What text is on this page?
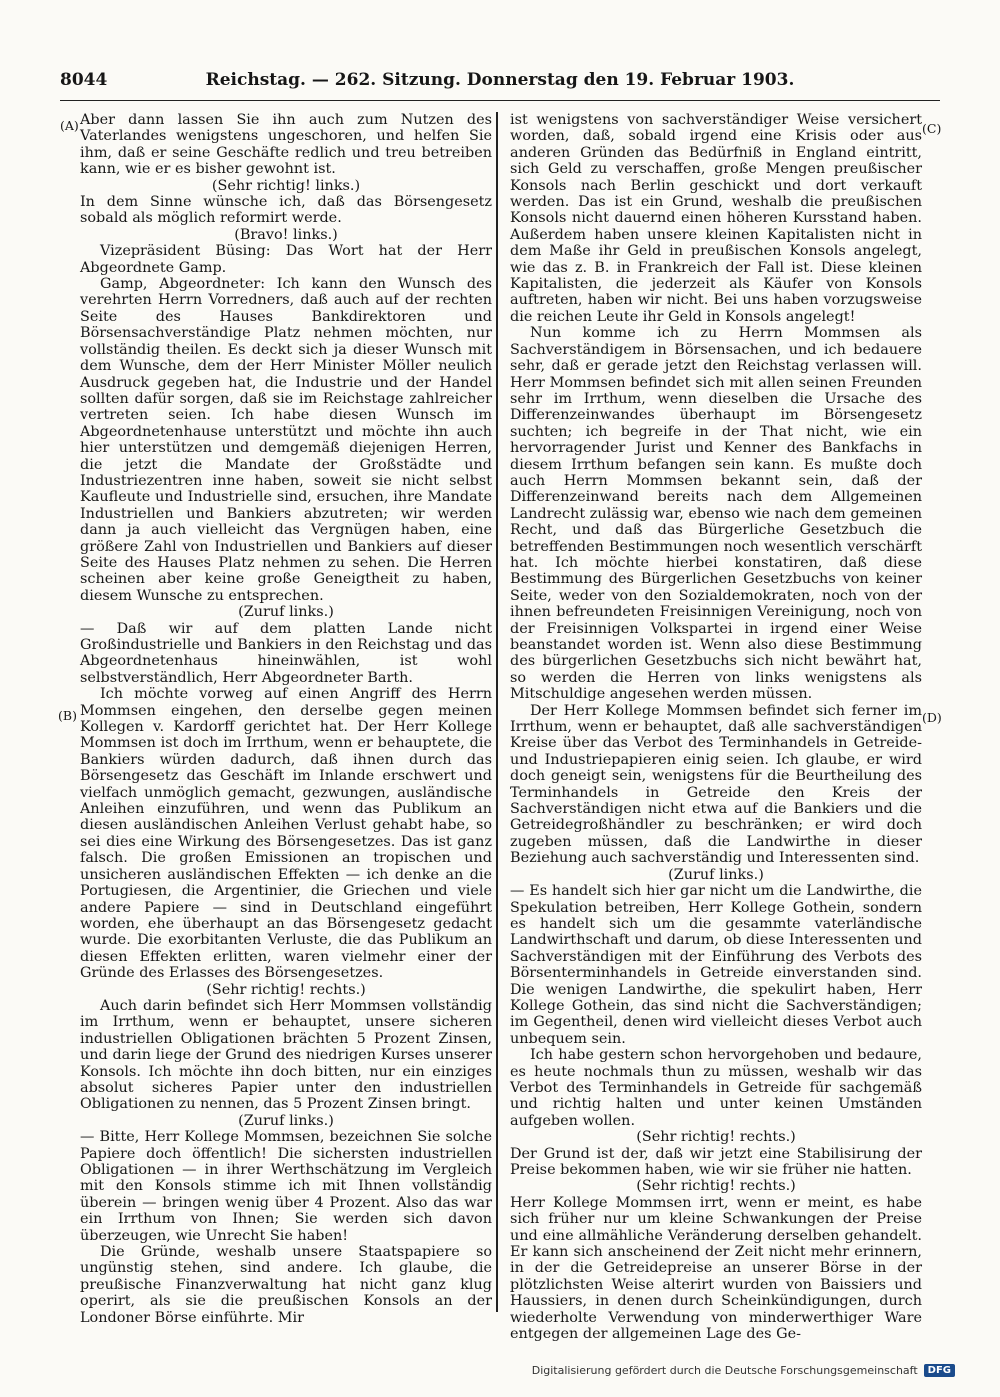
8044	Reichstag. — 262. Sitzung. Donnerstag den 19. Februar 1903.
(A)
(B)
(C)
(D)

Aber dann lassen Sie ihn auch zum Nutzen des Vaterlandes wenigstens ungeschoren, und helfen Sie ihm, daß er seine Geschäfte redlich und treu betreiben kann, wie er es bisher gewohnt ist.

(Sehr richtig! links.)

In dem Sinne wünsche ich, daß das Börsengesetz sobald als möglich reformirt werde.

(Bravo! links.)

Vizepräsident Büsing: Das Wort hat der Herr Abgeordnete Gamp.

Gamp, Abgeordneter: Ich kann den Wunsch des verehrten Herrn Vorredners, daß auch auf der rechten Seite des Hauses Bankdirektoren und Börsensachverständige Platz nehmen möchten, nur vollständig theilen. Es deckt sich ja dieser Wunsch mit dem Wunsche, dem der Herr Minister Möller neulich Ausdruck gegeben hat, die Industrie und der Handel sollten dafür sorgen, daß sie im Reichstage zahlreicher vertreten seien. Ich habe diesen Wunsch im Abgeordnetenhause unterstützt und möchte ihn auch hier unterstützen und demgemäß diejenigen Herren, die jetzt die Mandate der Großstädte und Industriezentren inne haben, soweit sie nicht selbst Kaufleute und Industrielle sind, ersuchen, ihre Mandate Industriellen und Bankiers abzutreten; wir werden dann ja auch vielleicht das Vergnügen haben, eine größere Zahl von Industriellen und Bankiers auf dieser Seite des Hauses Platz nehmen zu sehen. Die Herren scheinen aber keine große Geneigtheit zu haben, diesem Wunsche zu entsprechen.

(Zuruf links.)

— Daß wir auf dem platten Lande nicht Großindustrielle und Bankiers in den Reichstag und das Abgeordnetenhaus hineinwählen, ist wohl selbstverständlich, Herr Abgeordneter Barth.

Ich möchte vorweg auf einen Angriff des Herrn Mommsen eingehen, den derselbe gegen meinen Kollegen v. Kardorff gerichtet hat. Der Herr Kollege Mommsen ist doch im Irrthum, wenn er behauptete, die Bankiers würden dadurch, daß ihnen durch das Börsengesetz das Geschäft im Inlande erschwert und vielfach unmöglich gemacht, gezwungen, ausländische Anleihen einzuführen, und wenn das Publikum an diesen ausländischen Anleihen Verlust gehabt habe, so sei dies eine Wirkung des Börsengesetzes. Das ist ganz falsch. Die großen Emissionen an tropischen und unsicheren ausländischen Effekten — ich denke an die Portugiesen, die Argentinier, die Griechen und viele andere Papiere — sind in Deutschland eingeführt worden, ehe überhaupt an das Börsengesetz gedacht wurde. Die exorbitanten Verluste, die das Publikum an diesen Effekten erlitten, waren vielmehr einer der Gründe des Erlasses des Börsengesetzes.

(Sehr richtig! rechts.)

Auch darin befindet sich Herr Mommsen vollständig im Irrthum, wenn er behauptet, unsere sicheren industriellen Obligationen brächten 5 Prozent Zinsen, und darin liege der Grund des niedrigen Kurses unserer Konsols. Ich möchte ihn doch bitten, nur ein einziges absolut sicheres Papier unter den industriellen Obligationen zu nennen, das 5 Prozent Zinsen bringt.

(Zuruf links.)

— Bitte, Herr Kollege Mommsen, bezeichnen Sie solche Papiere doch öffentlich! Die sichersten industriellen Obligationen — in ihrer Werthschätzung im Vergleich mit den Konsols stimme ich mit Ihnen vollständig überein — bringen wenig über 4 Prozent. Also das war ein Irrthum von Ihnen; Sie werden sich davon überzeugen, wie Unrecht Sie haben!

Die Gründe, weshalb unsere Staatspapiere so ungünstig stehen, sind andere. Ich glaube, die preußische Finanzverwaltung hat nicht ganz klug operirt, als sie die preußischen Konsols an der Londoner Börse einführte. Mir

ist wenigstens von sachverständiger Weise versichert worden, daß, sobald irgend eine Krisis oder aus anderen Gründen das Bedürfniß in England eintritt, sich Geld zu verschaffen, große Mengen preußischer Konsols nach Berlin geschickt und dort verkauft werden. Das ist ein Grund, weshalb die preußischen Konsols nicht dauernd einen höheren Kursstand haben. Außerdem haben unsere kleinen Kapitalisten nicht in dem Maße ihr Geld in preußischen Konsols angelegt, wie das z. B. in Frankreich der Fall ist. Diese kleinen Kapitalisten, die jederzeit als Käufer von Konsols auftreten, haben wir nicht. Bei uns haben vorzugsweise die reichen Leute ihr Geld in Konsols angelegt!

Nun komme ich zu Herrn Mommsen als Sachverständigem in Börsensachen, und ich bedauere sehr, daß er gerade jetzt den Reichstag verlassen will. Herr Mommsen befindet sich mit allen seinen Freunden sehr im Irrthum, wenn dieselben die Ursache des Differenzeinwandes überhaupt im Börsengesetz suchten; ich begreife in der That nicht, wie ein hervorragender Jurist und Kenner des Bankfachs in diesem Irrthum befangen sein kann. Es mußte doch auch Herrn Mommsen bekannt sein, daß der Differenzeinwand bereits nach dem Allgemeinen Landrecht zulässig war, ebenso wie nach dem gemeinen Recht, und daß das Bürgerliche Gesetzbuch die betreffenden Bestimmungen noch wesentlich verschärft hat. Ich möchte hierbei konstatiren, daß diese Bestimmung des Bürgerlichen Gesetzbuchs von keiner Seite, weder von den Sozialdemokraten, noch von der ihnen befreundeten Freisinnigen Vereinigung, noch von der Freisinnigen Volkspartei in irgend einer Weise beanstandet worden ist. Wenn also diese Bestimmung des bürgerlichen Gesetzbuchs sich nicht bewährt hat, so werden die Herren von links wenigstens als Mitschuldige angesehen werden müssen.

Der Herr Kollege Mommsen befindet sich ferner im Irrthum, wenn er behauptet, daß alle sachverständigen Kreise über das Verbot des Terminhandels in Getreide- und Industriepapieren einig seien. Ich glaube, er wird doch geneigt sein, wenigstens für die Beurtheilung des Terminhandels in Getreide den Kreis der Sachverständigen nicht etwa auf die Bankiers und die Getreidegroßhändler zu beschränken; er wird doch zugeben müssen, daß die Landwirthe in dieser Beziehung auch sachverständig und Interessenten sind.

(Zuruf links.)

— Es handelt sich hier gar nicht um die Landwirthe, die Spekulation betreiben, Herr Kollege Gothein, sondern es handelt sich um die gesammte vaterländische Landwirthschaft und darum, ob diese Interessenten und Sachverständigen mit der Einführung des Verbots des Börsenterminhandels in Getreide einverstanden sind. Die wenigen Landwirthe, die spekulirt haben, Herr Kollege Gothein, das sind nicht die Sachverständigen; im Gegentheil, denen wird vielleicht dieses Verbot auch unbequem sein.

Ich habe gestern schon hervorgehoben und bedaure, es heute nochmals thun zu müssen, weshalb wir das Verbot des Terminhandels in Getreide für sachgemäß und richtig halten und unter keinen Umständen aufgeben wollen.

(Sehr richtig! rechts.)

Der Grund ist der, daß wir jetzt eine Stabilisirung der Preise bekommen haben, wie wir sie früher nie hatten.

(Sehr richtig! rechts.)

Herr Kollege Mommsen irrt, wenn er meint, es habe sich früher nur um kleine Schwankungen der Preise und eine allmähliche Veränderung derselben gehandelt. Er kann sich anscheinend der Zeit nicht mehr erinnern, in der die Getreidepreise an unserer Börse in der plötzlichsten Weise alterirt wurden von Baissiers und Haussiers, in denen durch Scheinkündigungen, durch wiederholte Verwendung von minderwerthiger Ware entgegen der allgemeinen Lage des Ge-

Digitalisierung gefördert durch die Deutsche Forschungsgemeinschaft	DFG
